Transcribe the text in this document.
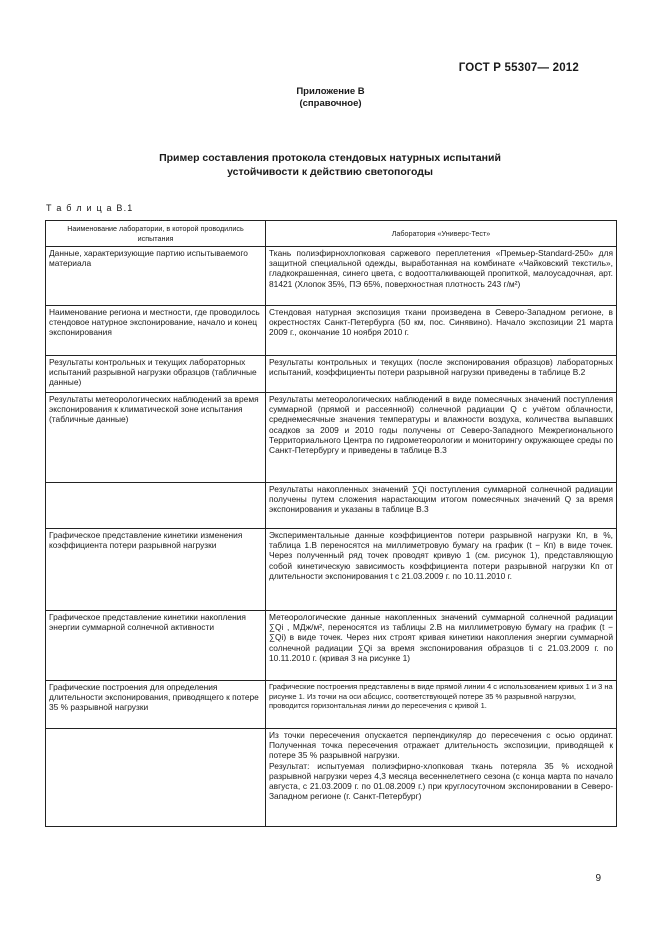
ГОСТ Р 55307— 2012
Приложение В
(справочное)
Пример составления протокола стендовых натурных испытаний
устойчивости к действию светопогоды
Т а б л и ц а В.1
Наименование лаборатории, в которой проводились испытания	Лаборатория «Универс-Тест»
Данные, характеризующие партию испытываемого материала	Ткань полиэфирнохлопковая саржевого переплетения «Премьер-Standard-250» для защитной специальной одежды, выработанная на комбинате «Чайковский текстиль», гладкокрашенная, синего цвета, с водоотталкивающей пропиткой, малоусадочная, арт. 81421 (Хлопок 35%, ПЭ 65%, поверхностная плотность 243 г/м²)
Наименование региона и местности, где проводилось стендовое натурное экспонирование, начало и конец экспонирования	Стендовая натурная экспозиция ткани произведена в Северо-Западном регионе, в окрестностях Санкт-Петербурга (50 км, пос. Синявино). Начало экспозиции 21 марта 2009 г., окончание 10 ноября 2010 г.
Результаты контрольных и текущих лабораторных испытаний разрывной нагрузки образцов (табличные данные)	Результаты контрольных и текущих (после экспонирования образцов) лабораторных испытаний, коэффициенты потери разрывной нагрузки приведены в таблице В.2
Результаты метеорологических наблюдений за время экспонирования к климатической зоне испытания (табличные данные)	Результаты метеорологических наблюдений в виде помесячных значений поступления суммарной (прямой и рассеянной) солнечной радиации Q с учётом облачности, среднемесячные значения температуры и влажности воздуха, количества выпавших осадков за 2009 и 2010 годы получены от Северо-Западного Межрегионального Территориального Центра по гидрометеорологии и мониторингу окружающее среды по Санкт-Петербургу и приведены в таблице В.3
	Результаты накопленных значений ∑Qi поступления суммарной солнечной радиации получены путем сложения нарастающим итогом помесячных значений Q за время экспонирования и указаны в таблице В.3
Графическое представление кинетики изменения коэффициента потери разрывной нагрузки	Экспериментальные данные коэффициентов потери разрывной нагрузки Кп, в %, таблица 1.В переносятся на миллиметровую бумагу на график (t − Кп) в виде точек. Через полученный ряд точек проводят кривую 1 (см. рисунок 1), представляющую собой кинетическую зависимость коэффициента потери разрывной нагрузки Кп от длительности экспонирования t с 21.03.2009 г. по 10.11.2010 г.
Графическое представление кинетики накопления энергии суммарной солнечной активности	Метеорологические данные накопленных значений суммарной солнечной радиации ∑Qi , МДж/м², переносятся из таблицы 2.В на миллиметровую бумагу на график (t − ∑Qi) в виде точек. Через них строят кривая кинетики накопления энергии суммарной солнечной радиации ∑Qi за время экспонирования образцов ti с 21.03.2009 г. по 10.11.2010 г. (кривая 3 на рисунке 1)
Графические построения для определения длительности экспонирования, приводящего к потере 35 % разрывной нагрузки	Графические построения представлены в виде прямой линии 4 с использованием кривых 1 и 3 на рисунке 1. Из точки на оси абсцисс, соответствующей потере 35 % разрывной нагрузки, проводится горизонтальная линии до пересечения с кривой 1.
	Из точки пересечения опускается перпендикуляр до пересечения с осью ординат. Полученная точка пересечения отражает длительность экспозиции, приводящей к потере 35 % разрывной нагрузки.
Результат: испытуемая полиэфирно-хлопковая ткань потеряла 35 % исходной разрывной нагрузки через 4,3 месяца весеннелетнего сезона (с конца марта по начало августа, с 21.03.2009 г. по 01.08.2009 г.) при круглосуточном экспонировании в Северо-Западном регионе (г. Санкт-Петербург)
9
